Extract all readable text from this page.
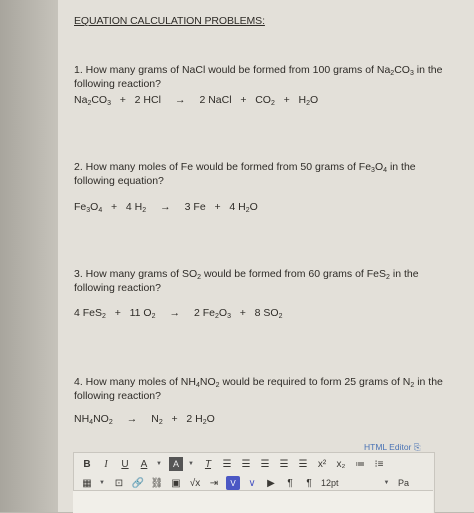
EQUATION CALCULATION PROBLEMS:
1. How many grams of NaCl would be formed from 100 grams of $Na_2CO_3$ in the
following reaction?
$Na_2CO_3 + 2$ HCl → 2 NaCl + $CO_2 + H_2O$
2. How many moles of Fe would be formed from 50 grams of $Fe_3O_4$ in the
following equation?
$Fe_3O_4 + 4$ $H_2 \to 3$ Fe + 4 $H_2O$
3. How many grams of $SO_2$ would be formed from 60 grams of FeS$_2$ in the
following reaction?
4 FeS$_2$ + 11 $O_2 \to 2$ $Fe_2O_3 + 8$ $SO_2$
4. How many moles of $NH_4NO_2$ would be required to form 25 grams of $N_2$ in the
following reaction?
$NH_4NO_2 \to N_2 + 2$ $H_2O$
HTML Editor ⎘
B	I	U	A	▼	A	▼	T	☰ ☰ ☰ ☰ ☰ x² x₂ ≔ ⁝≡
▦	▼ ⊡ 🔗 ⛓ ▣ √x ⇥	V	∨	▶	¶	¶	12pt	▼ Pa
